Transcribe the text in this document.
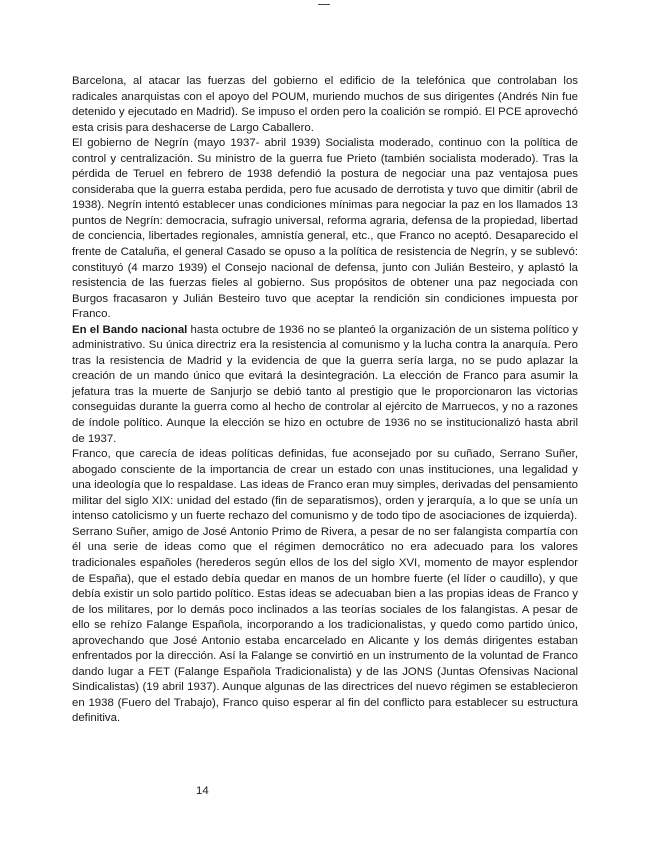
Barcelona, al atacar las fuerzas del gobierno el edificio de la telefónica que controlaban los radicales anarquistas con el apoyo del POUM, muriendo muchos de sus dirigentes (Andrés Nin fue detenido y ejecutado en Madrid). Se impuso el orden pero la coalición se rompió. El PCE aprovechó esta crisis para deshacerse de Largo Caballero.

El gobierno de Negrín (mayo 1937- abril 1939) Socialista moderado, continuo con la política de control y centralización. Su ministro de la guerra fue Prieto (también socialista moderado). Tras la pérdida de Teruel en febrero de 1938 defendió la postura de negociar una paz ventajosa pues consideraba que la guerra estaba perdida, pero fue acusado de derrotista y tuvo que dimitir (abril de 1938). Negrín intentó establecer unas condiciones mínimas para negociar la paz en los llamados 13 puntos de Negrín: democracia, sufragio universal, reforma agraria, defensa de la propiedad, libertad de conciencia, libertades regionales, amnistía general, etc., que Franco no aceptó. Desaparecido el frente de Cataluña, el general Casado se opuso a la política de resistencia de Negrín, y se sublevó: constituyó (4 marzo 1939) el Consejo nacional de defensa, junto con Julián Besteiro, y aplastó la resistencia de las fuerzas fieles al gobierno. Sus propósitos de obtener una paz negociada con Burgos fracasaron y Julián Besteiro tuvo que aceptar la rendición sin condiciones impuesta por Franco.

En el Bando nacional hasta octubre de 1936 no se planteó la organización de un sistema político y administrativo. Su única directriz era la resistencia al comunismo y la lucha contra la anarquía. Pero tras la resistencia de Madrid y la evidencia de que la guerra sería larga, no se pudo aplazar la creación de un mando único que evitará la desintegración. La elección de Franco para asumir la jefatura tras la muerte de Sanjurjo se debió tanto al prestigio que le proporcionaron las victorias conseguidas durante la guerra como al hecho de controlar al ejército de Marruecos, y no a razones de índole político. Aunque la elección se hizo en octubre de 1936 no se institucionalizó hasta abril de 1937.

Franco, que carecía de ideas políticas definidas, fue aconsejado por su cuñado, Serrano Suñer, abogado consciente de la importancia de crear un estado con unas instituciones, una legalidad y una ideología que lo respaldase. Las ideas de Franco eran muy simples, derivadas del pensamiento militar del siglo XIX: unidad del estado (fin de separatismos), orden y jerarquía, a lo que se unía un intenso catolicismo y un fuerte rechazo del comunismo y de todo tipo de asociaciones de izquierda).

Serrano Suñer, amigo de José Antonio Primo de Rivera, a pesar de no ser falangista compartía con él una serie de ideas como que el régimen democrático no era adecuado para los valores tradicionales españoles (herederos según ellos de los del siglo XVI, momento de mayor esplendor de España), que el estado debía quedar en manos de un hombre fuerte (el líder o caudillo), y que debía existir un solo partido político. Estas ideas se adecuaban bien a las propias ideas de Franco y de los militares, por lo demás poco inclinados a las teorías sociales de los falangistas. A pesar de ello se rehízo Falange Española, incorporando a los tradicionalistas, y quedo como partido único, aprovechando que José Antonio estaba encarcelado en Alicante y los demás dirigentes estaban enfrentados por la dirección. Así la Falange se convirtió en un instrumento de la voluntad de Franco dando lugar a FET (Falange Española Tradicionalista) y de las JONS (Juntas Ofensivas Nacional Sindicalistas) (19 abril 1937). Aunque algunas de las directrices del nuevo régimen se establecieron en 1938 (Fuero del Trabajo), Franco quiso esperar al fin del conflicto para establecer su estructura definitiva.

14
